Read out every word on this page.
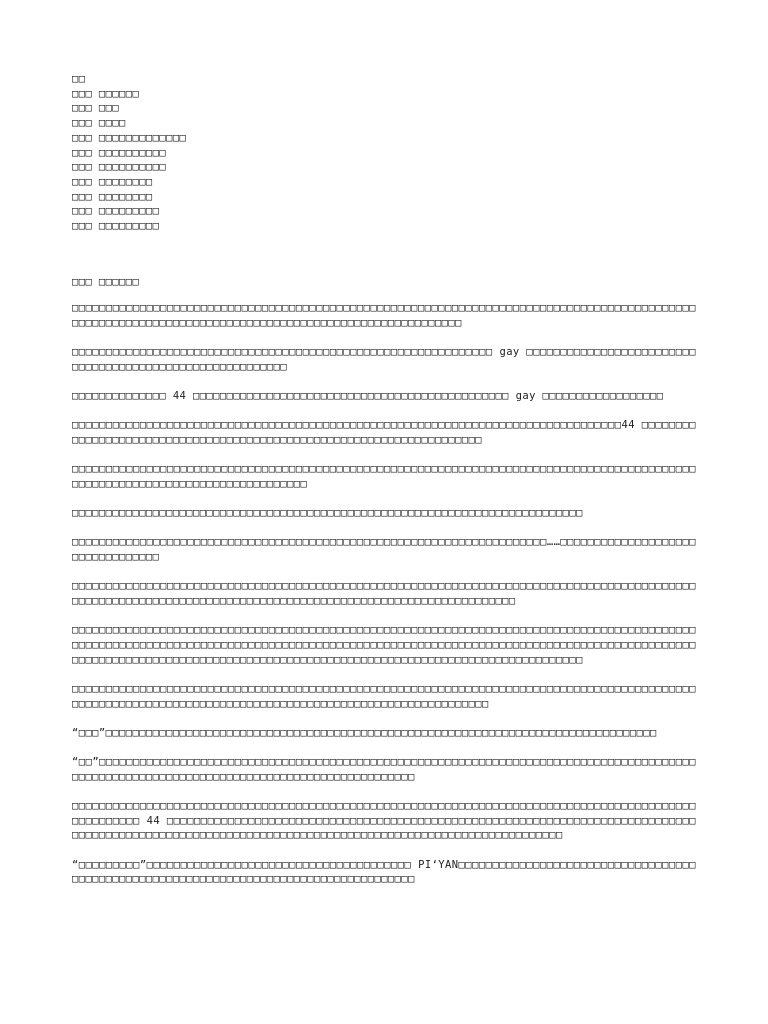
□□
□□□ □□□□□□
□□□ □□□
□□□ □□□□
□□□ □□□□□□□□□□□□□
□□□ □□□□□□□□□□
□□□ □□□□□□□□□□
□□□ □□□□□□□□
□□□ □□□□□□□□
□□□ □□□□□□□□□
□□□ □□□□□□□□□
□□□ □□□□□□

□□□□□□□□□□□□□□□□□□□□□□□□□□□□□□□□□□□□□□□□□□□□□□□□□□□□□□□□□□□□□□□□□□□□□□□□□□□□□□□□□□□□□□□□□□□□□□□□□□□□□□□□□□□□□□□□□□□□□□□□□□□□□□□□□□□□□□□□□□□□□□□□□□□□□□

□□□□□□□□□□□□□□□□□□□□□□□□□□□□□□□□□□□□□□□□□□□□□□□□□□□□□□□□□□□□□□ gay □□□□□□□□□□□□□□□□□□□□□□□□□□□□□□□□□□□□□□□□□□□□□□□□□□□□□□□□□

□□□□□□□□□□□□□□ 44 □□□□□□□□□□□□□□□□□□□□□□□□□□□□□□□□□□□□□□□□□□□□□□□ gay □□□□□□□□□□□□□□□□□□

□□□□□□□□□□□□□□□□□□□□□□□□□□□□□□□□□□□□□□□□□□□□□□□□□□□□□□□□□□□□□□□□□□□□□□□□□□□□□□□□□44 □□□□□□□□□□□□□□□□□□□□□□□□□□□□□□□□□□□□□□□□□□□□□□□□□□□□□□□□□□□□□□□□□□□□□

□□□□□□□□□□□□□□□□□□□□□□□□□□□□□□□□□□□□□□□□□□□□□□□□□□□□□□□□□□□□□□□□□□□□□□□□□□□□□□□□□□□□□□□□□□□□□□□□□□□□□□□□□□□□□□□□□□□□□□□□□□□□□□□

□□□□□□□□□□□□□□□□□□□□□□□□□□□□□□□□□□□□□□□□□□□□□□□□□□□□□□□□□□□□□□□□□□□□□□□□□□□□

□□□□□□□□□□□□□□□□□□□□□□□□□□□□□□□□□□□□□□□□□□□□□□□□□□□□□□□□□□□□□□□□□□□□□□……□□□□□□□□□□□□□□□□□□□□□□□□□□□□□□□□□

□□□□□□□□□□□□□□□□□□□□□□□□□□□□□□□□□□□□□□□□□□□□□□□□□□□□□□□□□□□□□□□□□□□□□□□□□□□□□□□□□□□□□□□□□□□□□□□□□□□□□□□□□□□□□□□□□□□□□□□□□□□□□□□□□□□□□□□□□□□□□□□□□□□□□□□□□□□□□□

□□□□□□□□□□□□□□□□□□□□□□□□□□□□□□□□□□□□□□□□□□□□□□□□□□□□□□□□□□□□□□□□□□□□□□□□□□□□□□□□□□□□□□□□□□□□□□□□□□□□□□□□□□□□□□□□□□□□□□□□□□□□□□□□□□□□□□□□□□□□□□□□□□□□□□□□□□□□□□□□□□□□□□□□□□□□□□□□□□□□□□□□□□□□□□□□□□□□□□□□□□□□□□□□□□□□□□□□□□□□□□□□□□□□□□□□□□□□□□□□□□□□□□□□□□□□□□□□□□□□

□□□□□□□□□□□□□□□□□□□□□□□□□□□□□□□□□□□□□□□□□□□□□□□□□□□□□□□□□□□□□□□□□□□□□□□□□□□□□□□□□□□□□□□□□□□□□□□□□□□□□□□□□□□□□□□□□□□□□□□□□□□□□□□□□□□□□□□□□□□□□□□□□□□□□□□□□□

“□□□”□□□□□□□□□□□□□□□□□□□□□□□□□□□□□□□□□□□□□□□□□□□□□□□□□□□□□□□□□□□□□□□□□□□□□□□□□□□□□□□□□□

“□□”□□□□□□□□□□□□□□□□□□□□□□□□□□□□□□□□□□□□□□□□□□□□□□□□□□□□□□□□□□□□□□□□□□□□□□□□□□□□□□□□□□□□□□□□□□□□□□□□□□□□□□□□□□□□□□□□□□□□□□□□□□□□□□□□□□□□□□□□□□□

□□□□□□□□□□□□□□□□□□□□□□□□□□□□□□□□□□□□□□□□□□□□□□□□□□□□□□□□□□□□□□□□□□□□□□□□□□□□□□□□□□□□□□□□□□□□□□□□□□□□□□ 44 □□□□□□□□□□□□□□□□□□□□□□□□□□□□□□□□□□□□□□□□□□□□□□□□□□□□□□□□□□□□□□□□□□□□□□□□□□□□□□□□□□□□□□□□□□□□□□□□□□□□□□□□□□□□□□□□□□□□□□□□□□□□□□□□□□□□□□□□□□□□□□□□□□□□□□□

“□□□□□□□□□”□□□□□□□□□□□□□□□□□□□□□□□□□□□□□□□□□□□□□□□ PI‘YAN□□□□□□□□□□□□□□□□□□□□□□□□□□□□□□□□□□□□□□□□□□□□□□□□□□□□□□□□□□□□□□□□□□□□□□□□□□□□□□□□□□□□□□
